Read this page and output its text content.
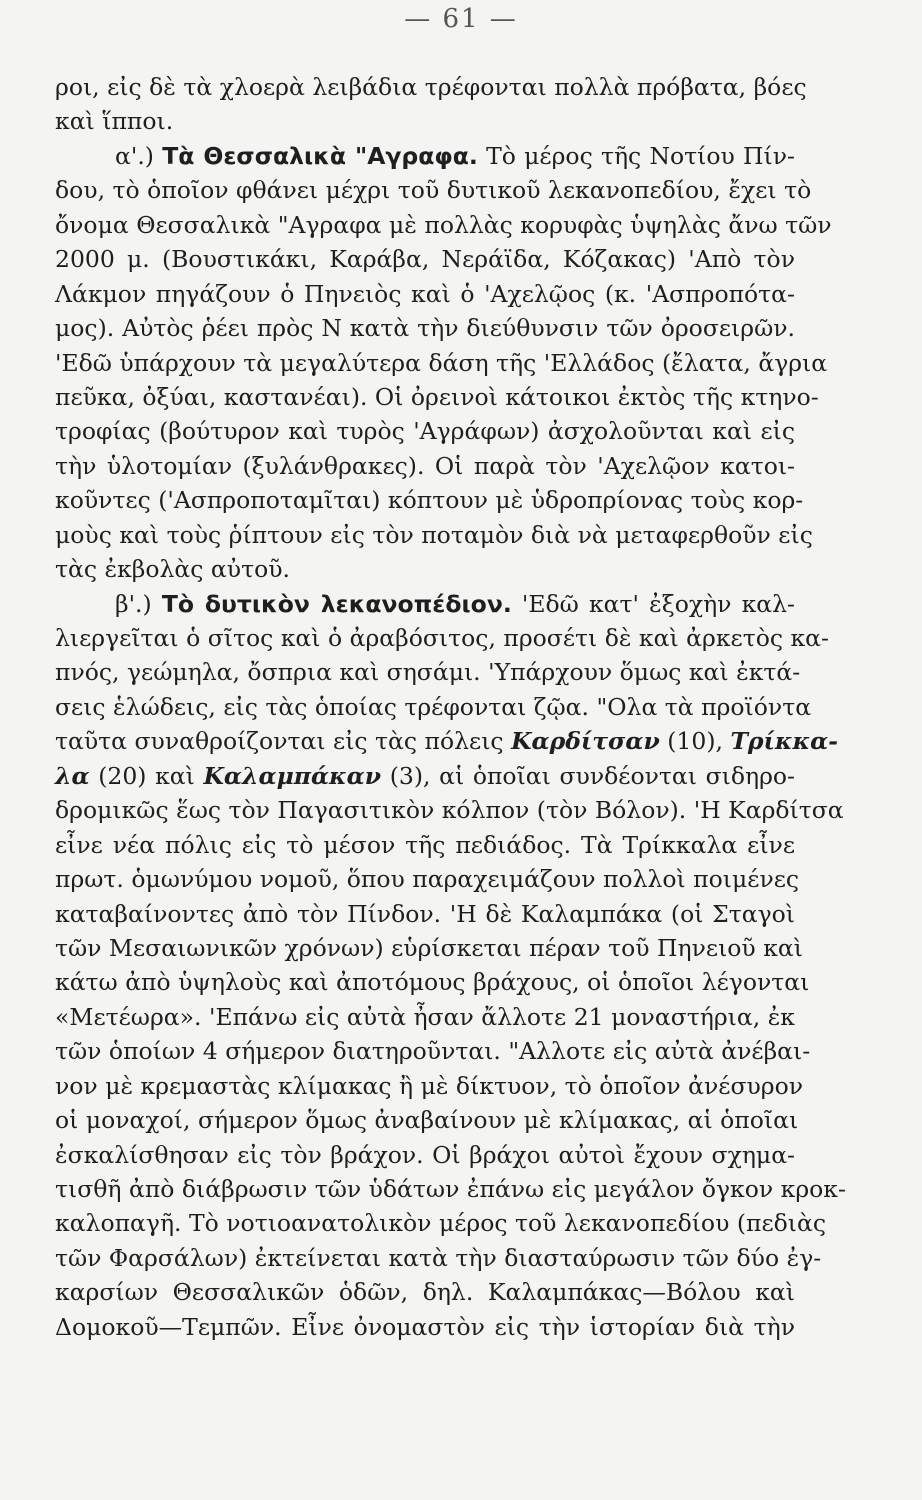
— 61 —
ροι, εἰς δὲ τὰ χλοερὰ λειβάδια τρέφονται πολλὰ πρόβατα, βόες
καὶ ἵπποι.
α'.) Τὰ Θεσσαλικὰ "Αγραφα. Τὸ μέρος τῆς Νοτίου Πίν-
δου, τὸ ὁποῖον φθάνει μέχρι τοῦ δυτικοῦ λεκανοπεδίου, ἔχει τὸ
ὄνομα Θεσσαλικὰ "Αγραφα μὲ πολλὰς κορυφὰς ὑψηλὰς ἄνω τῶν
2000 μ. (Βουστικάκι, Καράβα, Νεράϊδα, Κόζακας) 'Απὸ τὸν
Λάκμον πηγάζουν ὁ Πηνειὸς καὶ ὁ 'Αχελῷος (κ. 'Ασπροπότα-
μος). Αὐτὸς ῥέει πρὸς Ν κατὰ τὴν διεύθυνσιν τῶν ὀροσειρῶν.
'Εδῶ ὑπάρχουν τὰ μεγαλύτερα δάση τῆς 'Ελλάδος (ἔλατα, ἄγρια
πεῦκα, ὀξύαι, καστανέαι). Οἱ ὀρεινοὶ κάτοικοι ἐκτὸς τῆς κτηνο-
τροφίας (βούτυρον καὶ τυρὸς 'Αγράφων) ἀσχολοῦνται καὶ εἰς
τὴν ὑλοτομίαν (ξυλάνθρακες). Οἱ παρὰ τὸν 'Αχελῷον κατοι-
κοῦντες ('Ασπροποταμῖται) κόπτουν μὲ ὑδροπρίονας τοὺς κορ-
μοὺς καὶ τοὺς ῥίπτουν εἰς τὸν ποταμὸν διὰ νὰ μεταφερθοῦν εἰς
τὰς ἐκβολὰς αὐτοῦ.
β'.) Τὸ δυτικὸν λεκανοπέδιον. 'Εδῶ κατ' ἐξοχὴν καλ-
λιεργεῖται ὁ σῖτος καὶ ὁ ἀραβόσιτος, προσέτι δὲ καὶ ἀρκετὸς κα-
πνός, γεώμηλα, ὄσπρια καὶ σησάμι. 'Υπάρχουν ὅμως καὶ ἐκτά-
σεις ἑλώδεις, εἰς τὰς ὁποίας τρέφονται ζῷα. "Ολα τὰ προϊόντα
ταῦτα συναθροίζονται εἰς τὰς πόλεις Καρδίτσαν (10), Τρίκκα-
λα (20) καὶ Καλαμπάκαν (3), αἱ ὁποῖαι συνδέονται σιδηρο-
δρομικῶς ἕως τὸν Παγασιτικὸν κόλπον (τὸν Βόλον). 'Η Καρδίτσα
εἶνε νέα πόλις εἰς τὸ μέσον τῆς πεδιάδος. Τὰ Τρίκκαλα εἶνε
πρωτ. ὁμωνύμου νομοῦ, ὅπου παραχειμάζουν πολλοὶ ποιμένες
καταβαίνοντες ἀπὸ τὸν Πίνδον. 'Η δὲ Καλαμπάκα (οἱ Σταγοὶ
τῶν Μεσαιωνικῶν χρόνων) εὑρίσκεται πέραν τοῦ Πηνειοῦ καὶ
κάτω ἀπὸ ὑψηλοὺς καὶ ἀποτόμους βράχους, οἱ ὁποῖοι λέγονται
«Μετέωρα». 'Επάνω εἰς αὐτὰ ἦσαν ἄλλοτε 21 μοναστήρια, ἐκ
τῶν ὁποίων 4 σήμερον διατηροῦνται. "Αλλοτε εἰς αὐτὰ ἀνέβαι-
νον μὲ κρεμαστὰς κλίμακας ἢ μὲ δίκτυον, τὸ ὁποῖον ἀνέσυρον
οἱ μοναχοί, σήμερον ὅμως ἀναβαίνουν μὲ κλίμακας, αἱ ὁποῖαι
ἐσκαλίσθησαν εἰς τὸν βράχον. Οἱ βράχοι αὐτοὶ ἔχουν σχημα-
τισθῆ ἀπὸ διάβρωσιν τῶν ὑδάτων ἐπάνω εἰς μεγάλον ὄγκον κροκ-
καλοπαγῆ. Τὸ νοτιοανατολικὸν μέρος τοῦ λεκανοπεδίου (πεδιὰς
τῶν Φαρσάλων) ἐκτείνεται κατὰ τὴν διασταύρωσιν τῶν δύο ἐγ-
καρσίων Θεσσαλικῶν ὁδῶν, δηλ. Καλαμπάκας—Βόλου καὶ
Δομοκοῦ—Τεμπῶν. Εἶνε ὀνομαστὸν εἰς τὴν ἱστορίαν διὰ τὴν
